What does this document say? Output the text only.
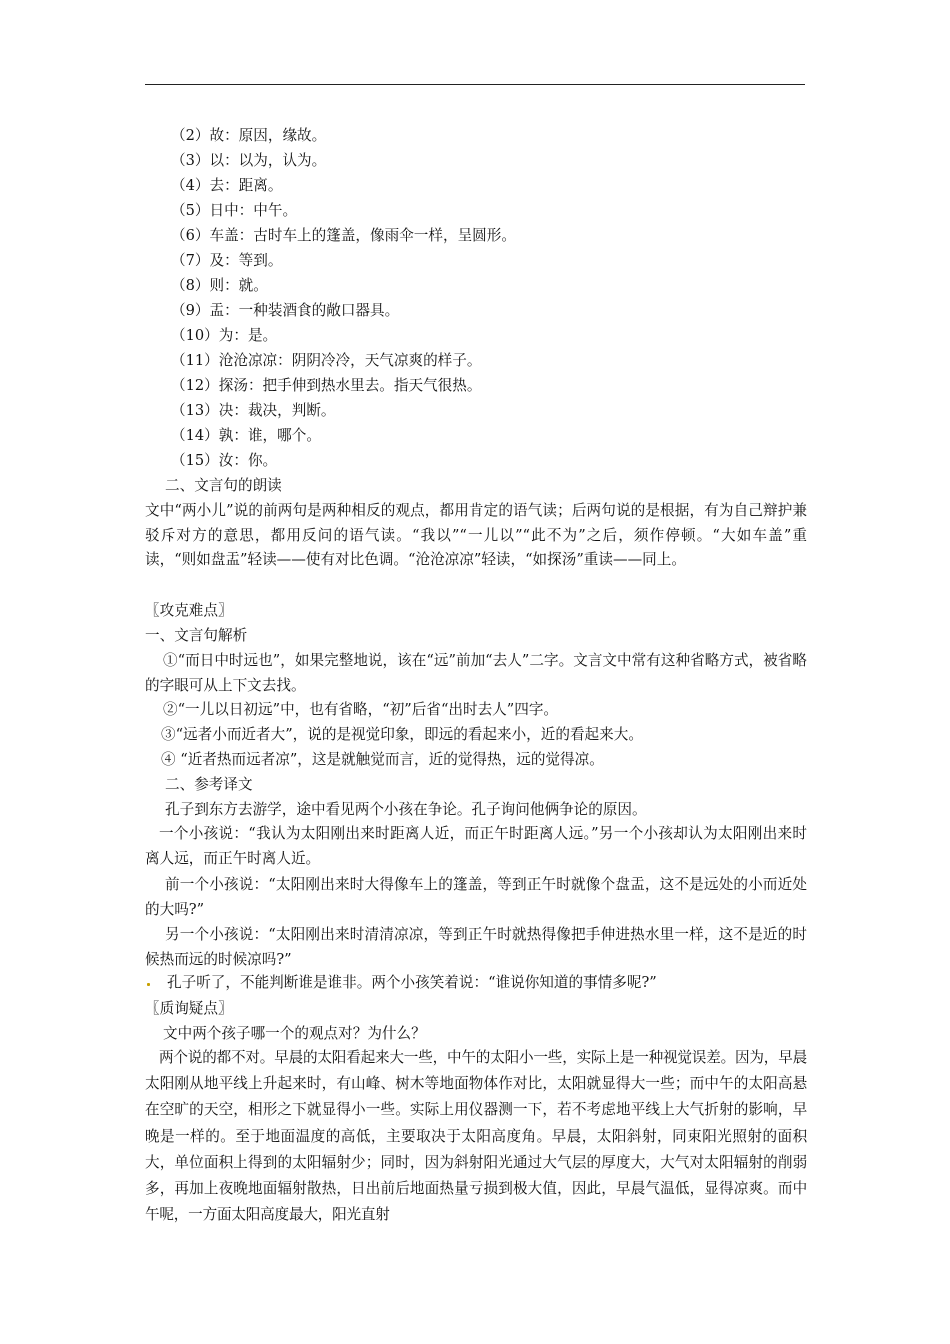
（2）故：原因，缘故。
（3）以：以为，认为。
（4）去：距离。
（5）日中：中午。
（6）车盖：古时车上的篷盖，像雨伞一样，呈圆形。
（7）及：等到。
（8）则：就。
（9）盂：一种装酒食的敞口器具。
（10）为：是。
（11）沧沧凉凉：阴阴冷冷，天气凉爽的样子。
（12）探汤：把手伸到热水里去。指天气很热。
（13）决：裁决，判断。
（14）孰：谁，哪个。
（15）汝：你。
二、文言句的朗读
文中“两小儿”说的前两句是两种相反的观点，都用肯定的语气读；后两句说的是根据，有为自己辩护兼驳斥对方的意思，都用反问的语气读。“我以”“一儿以”“此不为”之后，须作停顿。“大如车盖”重读，“则如盘盂”轻读——使有对比色调。“沧沧凉凉”轻读，“如探汤”重读——同上。
〖攻克难点〗
一、文言句解析
①“而日中时远也”，如果完整地说，该在“远”前加“去人”二字。文言文中常有这种省略方式，被省略的字眼可从上下文去找。
②“一儿以日初远”中，也有省略，“初”后省“出时去人”四字。
③“远者小而近者大”，说的是视觉印象，即远的看起来小，近的看起来大。
④ “近者热而远者凉”，这是就触觉而言，近的觉得热，远的觉得凉。
二、参考译文
孔子到东方去游学，途中看见两个小孩在争论。孔子询问他俩争论的原因。
一个小孩说：“我认为太阳刚出来时距离人近，而正午时距离人远。”另一个小孩却认为太阳刚出来时离人远，而正午时离人近。
前一个小孩说：“太阳刚出来时大得像车上的篷盖，等到正午时就像个盘盂，这不是远处的小而近处的大吗?”
另一个小孩说：“太阳刚出来时清清凉凉，等到正午时就热得像把手伸进热水里一样，这不是近的时候热而远的时候凉吗?”
孔子听了，不能判断谁是谁非。两个小孩笑着说：“谁说你知道的事情多呢?”
〖质询疑点〗
文中两个孩子哪一个的观点对？为什么？
两个说的都不对。早晨的太阳看起来大一些，中午的太阳小一些，实际上是一种视觉误差。因为，早晨太阳刚从地平线上升起来时，有山峰、树木等地面物体作对比，太阳就显得大一些；而中午的太阳高悬在空旷的天空，相形之下就显得小一些。实际上用仪器测一下，若不考虑地平线上大气折射的影响，早晚是一样的。至于地面温度的高低，主要取决于太阳高度角。早晨，太阳斜射，同束阳光照射的面积大，单位面积上得到的太阳辐射少；同时，因为斜射阳光通过大气层的厚度大，大气对太阳辐射的削弱多，再加上夜晚地面辐射散热，日出前后地面热量亏损到极大值，因此，早晨气温低，显得凉爽。而中午呢，一方面太阳高度最大，阳光直射
